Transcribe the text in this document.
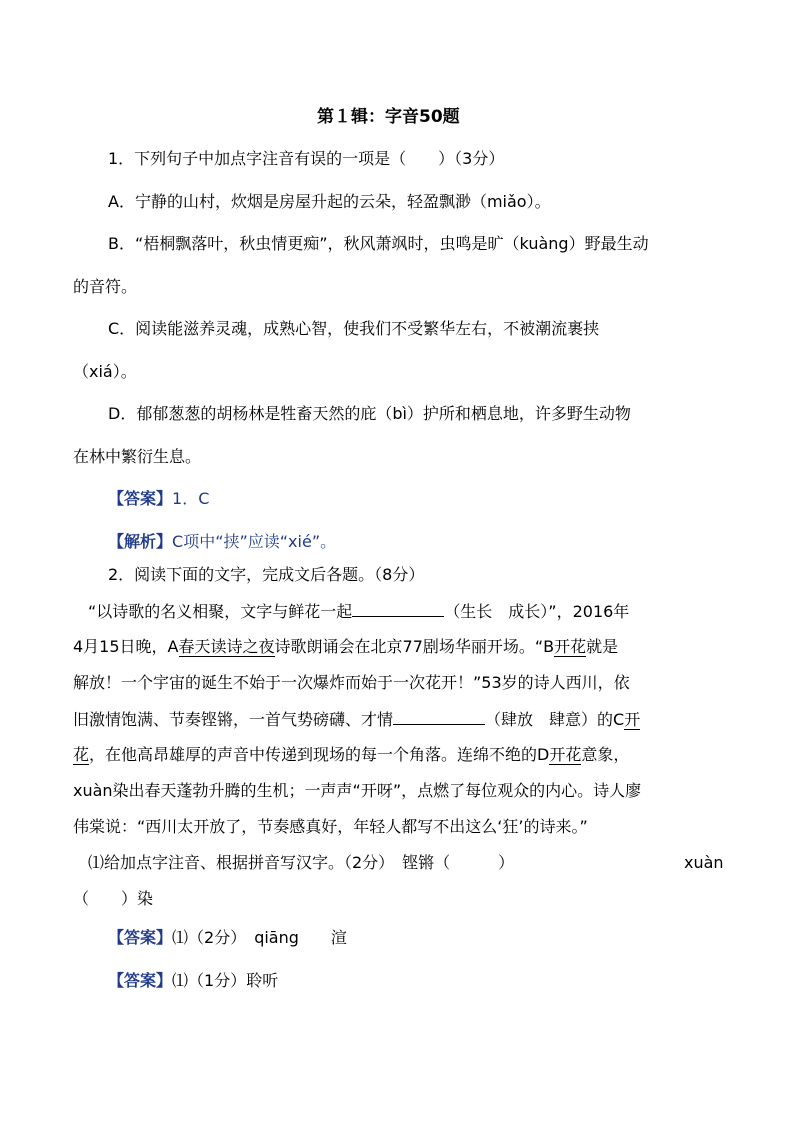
第１辑：字音50题
1．下列句子中加点字注音有误的一项是（　　）（3分）
A．宁静的山村，炊烟是房屋升起的云朵，轻盈飘渺（miǎo）。
B．“梧桐飘落叶，秋虫情更痴”，秋风萧飒时，虫鸣是旷（kuàng）野最生动
的音符。
C．阅读能滋养灵魂，成熟心智，使我们不受繁华左右，不被潮流裹挟
（xiá）。
D．郁郁葱葱的胡杨林是牲畜天然的庇（bì）护所和栖息地，许多野生动物
在林中繁衍生息。
【答案】1．C
【解析】C项中“挟”应读“xié”。
2．阅读下面的文字，完成文后各题。（8分）
“以诗歌的名义相聚，文字与鲜花一起	（生长　成长）”，2016年
4月15日晚，A春天读诗之夜诗歌朗诵会在北京77剧场华丽开场。“B开花就是
解放！一个宇宙的诞生不始于一次爆炸而始于一次花开！”53岁的诗人西川，依
旧激情饱满、节奏铿锵，一首气势磅礴、才情	（肆放　肆意）的C开
花，在他高昂雄厚的声音中传递到现场的每一个角落。连绵不绝的D开花意象，
xuàn染出春天蓬勃升腾的生机；一声声“开呀”，点燃了每位观众的内心。诗人廖
伟棠说：“西川太开放了，节奏感真好，年轻人都写不出这么‘狂’的诗来。”
⑴给加点字注音、根据拼音写汉字。（2分）　铿锵（　　　）	xuàn
（　　）染
【答案】⑴（2分）　qiāng　　渲
【答案】⑴（1分）聆听
